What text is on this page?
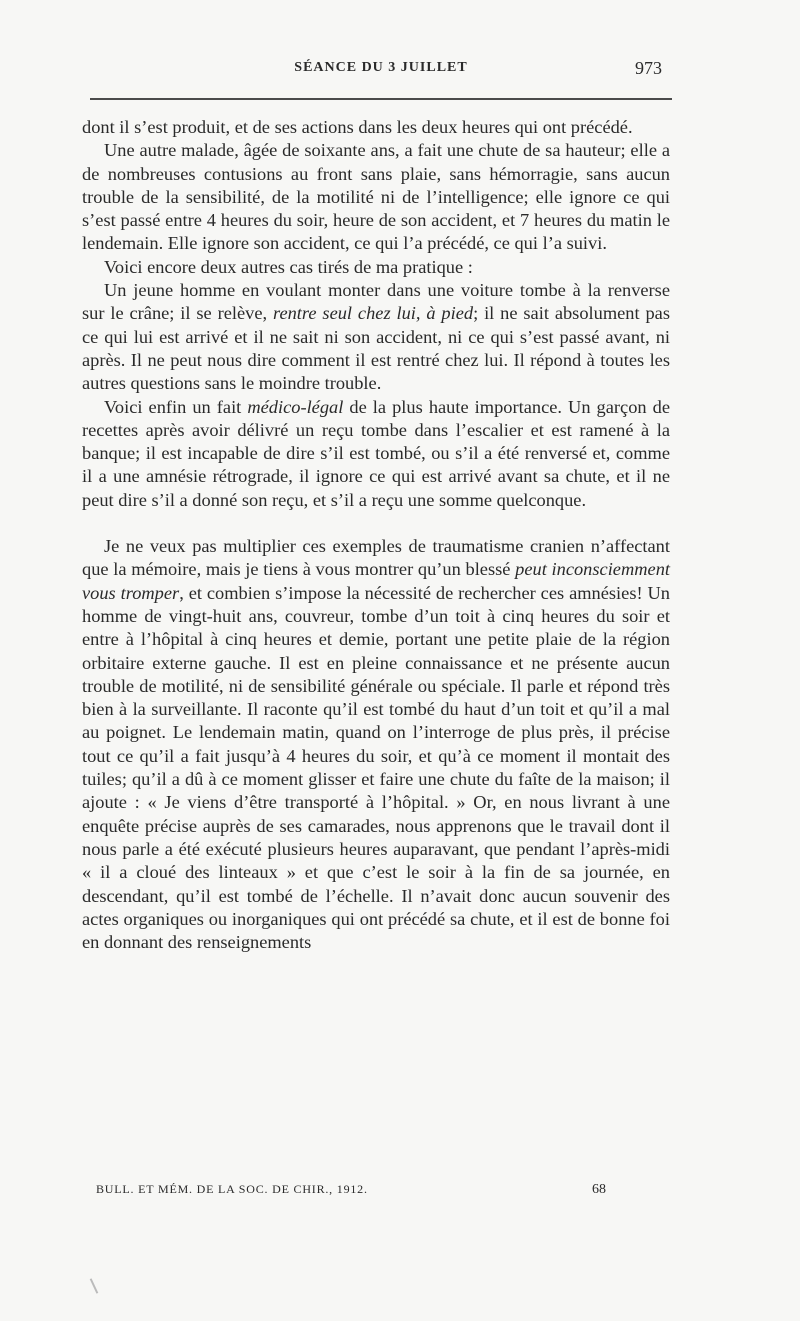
SÉANCE DU 3 JUILLET	973

dont il s’est produit, et de ses actions dans les deux heures qui ont précédé.

Une autre malade, âgée de soixante ans, a fait une chute de sa hauteur; elle a de nombreuses contusions au front sans plaie, sans hémorragie, sans aucun trouble de la sensibilité, de la motilité ni de l’intelligence; elle ignore ce qui s’est passé entre 4 heures du soir, heure de son accident, et 7 heures du matin le lendemain. Elle ignore son accident, ce qui l’a précédé, ce qui l’a suivi.

Voici encore deux autres cas tirés de ma pratique :

Un jeune homme en voulant monter dans une voiture tombe à la renverse sur le crâne; il se relève, rentre seul chez lui, à pied; il ne sait absolument pas ce qui lui est arrivé et il ne sait ni son accident, ni ce qui s’est passé avant, ni après. Il ne peut nous dire comment il est rentré chez lui. Il répond à toutes les autres questions sans le moindre trouble.

Voici enfin un fait médico-légal de la plus haute importance. Un garçon de recettes après avoir délivré un reçu tombe dans l’escalier et est ramené à la banque; il est incapable de dire s’il est tombé, ou s’il a été renversé et, comme il a une amnésie rétrograde, il ignore ce qui est arrivé avant sa chute, et il ne peut dire s’il a donné son reçu, et s’il a reçu une somme quelconque.

Je ne veux pas multiplier ces exemples de traumatisme cranien n’affectant que la mémoire, mais je tiens à vous montrer qu’un blessé peut inconsciemment vous tromper, et combien s’impose la nécessité de rechercher ces amnésies! Un homme de vingt-huit ans, couvreur, tombe d’un toit à cinq heures du soir et entre à l’hôpital à cinq heures et demie, portant une petite plaie de la région orbitaire externe gauche. Il est en pleine connaissance et ne présente aucun trouble de motilité, ni de sensibilité générale ou spéciale. Il parle et répond très bien à la surveillante. Il raconte qu’il est tombé du haut d’un toit et qu’il a mal au poignet. Le lendemain matin, quand on l’interroge de plus près, il précise tout ce qu’il a fait jusqu’à 4 heures du soir, et qu’à ce moment il montait des tuiles; qu’il a dû à ce moment glisser et faire une chute du faîte de la maison; il ajoute : « Je viens d’être transporté à l’hôpital. » Or, en nous livrant à une enquête précise auprès de ses camarades, nous apprenons que le travail dont il nous parle a été exécuté plusieurs heures auparavant, que pendant l’après-midi « il a cloué des linteaux » et que c’est le soir à la fin de sa journée, en descendant, qu’il est tombé de l’échelle. Il n’avait donc aucun souvenir des actes organiques ou inorganiques qui ont précédé sa chute, et il est de bonne foi en donnant des renseignements

BULL. ET MÉM. DE LA SOC. DE CHIR., 1912.	68
